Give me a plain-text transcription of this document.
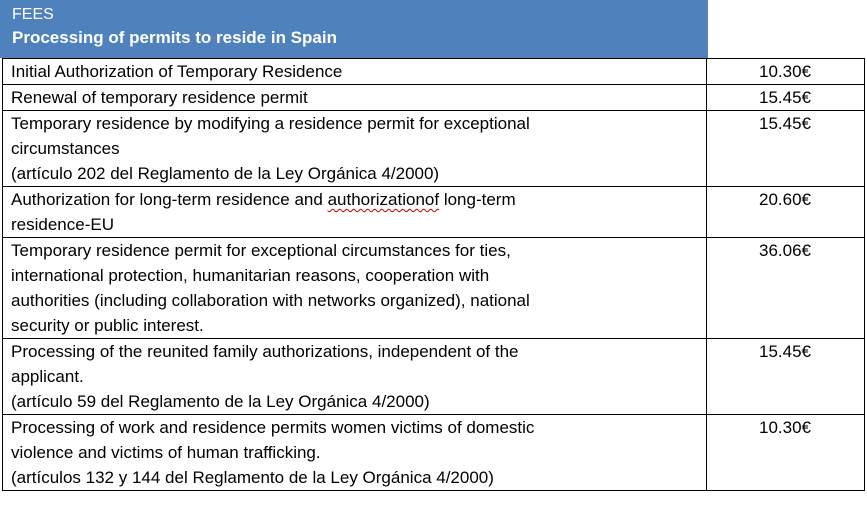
FEES
Processing of permits to reside in Spain
Initial Authorization of Temporary Residence	10.30€

Renewal of temporary residence permit	15.45€

Temporary residence by modifying a residence permit for exceptional
circumstances
(artículo 202 del Reglamento de la Ley Orgánica 4/2000)	15.45€

Authorization for long-term residence and authorizationof long-term
residence-EU	20.60€

Temporary residence permit for exceptional circumstances for ties,
international protection, humanitarian reasons, cooperation with
authorities (including collaboration with networks organized), national
security or public interest.	36.06€

Processing of the reunited family authorizations, independent of the
applicant.
(artículo 59 del Reglamento de la Ley Orgánica 4/2000)	15.45€

Processing of work and residence permits women victims of domestic
violence and victims of human trafficking.
(artículos 132 y 144 del Reglamento de la Ley Orgánica 4/2000)	10.30€
